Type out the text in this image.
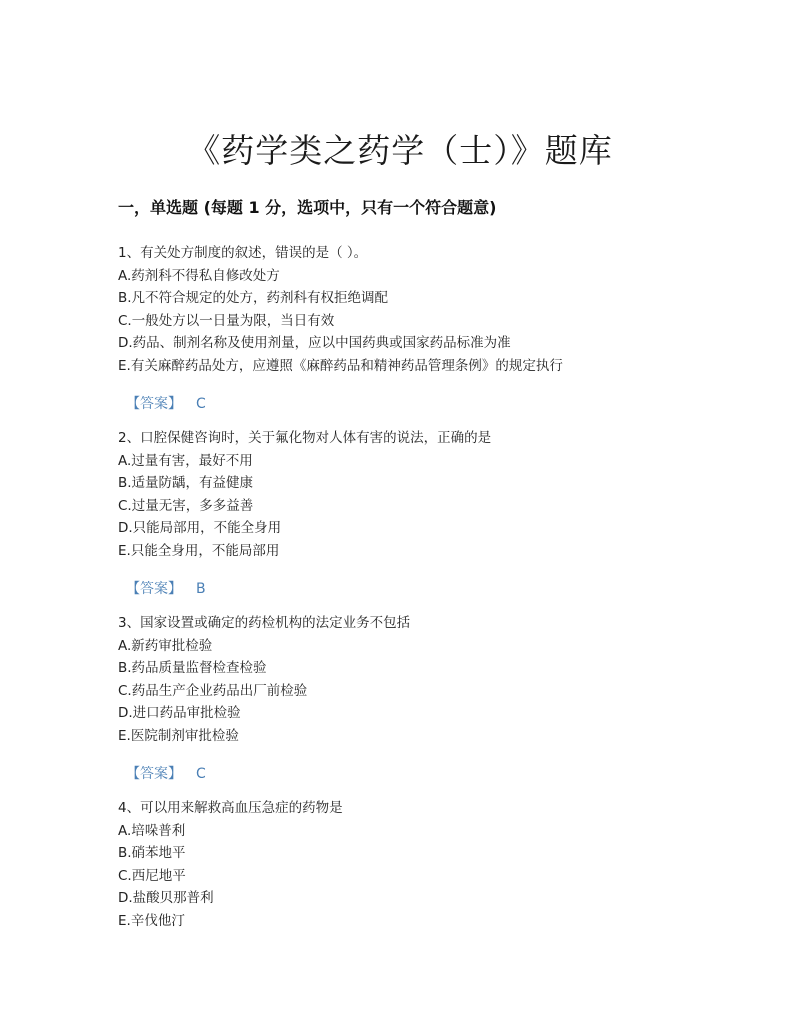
《药学类之药学（士）》题库
一，单选题 (每题 1 分，选项中，只有一个符合题意)
1、有关处方制度的叙述，错误的是（ ）。
A.药剂科不得私自修改处方
B.凡不符合规定的处方，药剂科有权拒绝调配
C.一般处方以一日量为限，当日有效
D.药品、制剂名称及使用剂量，应以中国药典或国家药品标准为准
E.有关麻醉药品处方，应遵照《麻醉药品和精神药品管理条例》的规定执行
【答案】 C
2、口腔保健咨询时，关于氟化物对人体有害的说法，正确的是
A.过量有害，最好不用
B.适量防龋，有益健康
C.过量无害，多多益善
D.只能局部用，不能全身用
E.只能全身用，不能局部用
【答案】 B
3、国家设置或确定的药检机构的法定业务不包括
A.新药审批检验
B.药品质量监督检查检验
C.药品生产企业药品出厂前检验
D.进口药品审批检验
E.医院制剂审批检验
【答案】 C
4、可以用来解救高血压急症的药物是
A.培哚普利
B.硝苯地平
C.西尼地平
D.盐酸贝那普利
E.辛伐他汀
